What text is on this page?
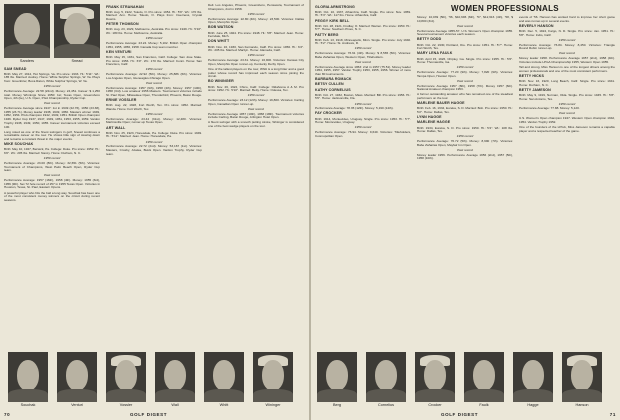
Sanders	Snead

SAM SNEAD

Birth: May 27, 1912, Hot Springs, Va. Pro since: 1933. Ht.: 5'11". Wt.: 185 lbs. Married: Audrey. Home: White Sulphur Springs, W. Va. Plays from: Greenbrier, Boca Raton, White Sulphur Springs, W. Va.

1959 record

Performance Average: 22.58 (22nd). Money: 24,451. Career: $ 1,250 total. Money Winnings Since 1950: 1st; Texas Open, Greensboro Open, 4th (tie), U.S. Open, PGA Championship, Ryder Cup.

Past record

Performance Average since 1947: 1st in 1949 (22.76), 1950 (23.38), 1955 (23.71). Money leader 1938, 1949, 1950. Masters winner 1949, 1952, 1954. PGA champion 1942, 1949, 1951. British Open champion 1946. Ryder Cup 1937, 1947, 1949, 1951, 1953, 1955, 1959. Vardon Trophy 1938, 1949, 1950, 1955. Career tournament victories exceed 100.

Long noted as one of the finest swingers in golf, Snead continues a remarkable career on the tour. He shows little sign of slowing down and remains a constant threat in the major events.

MIKE SOUCHAK

Birth: May 10, 1927, Berwick, Pa. College: Duke. Pro since: 1952. Ht.: 6'0". Wt.: 205 lbs. Married: Nancy. Home: Durham, N. C.

1959 record

Performance Average: 23.00 (8th). Money: 32,651 (5th). Victories: Tournament of Champions, West Palm Beach Open, Ryder Cup team.

Past record

Performance Average: 1957 (16th), 1958 (4th). Money: 1955 (3rd), 1956 (9th). Set 72 hole record of 257 in 1955 Texas Open. Victories in Houston, Texas, St. Paul, Eastern Opens.

A powerful player who hits the ball a long way, Souchak has been one of the most consistent money winners on the circuit during recent seasons.

FRANK STRANAHAN

Birth: Aug. 5, 1922, Toledo, O. Pro since: 1954. Ht.: 5'9". Wt.: 170 lbs. Married: Ann. Home: Toledo, O. Plays from: Inverness, Crystal Downs.

PETER THOMSON

Birth: Aug. 23, 1929, Melbourne, Australia. Pro since: 1949. Ht.: 5'10". Wt.: 180 lbs. Home: Melbourne, Australia.

1959 record

Performance Average: 23.24. Money: 5,102. British Open champion 1954, 1955, 1956, 1958. Canada Cup team member.

KEN VENTURI

Birth: May 15, 1931, San Francisco, Calif. College: San Jose State. Pro since: 1956. Ht.: 6'0". Wt.: 170 lbs. Married: Conni. Home: San Francisco, Calif.

1959 record

Performance Average: 22.92 (5th). Money: 25,886 (6th). Victories: Los Angeles Open, Gleneagles-Chicago Open.

Past record

Performance Average: 1957 (9th), 1958 (4th). Money: 1957 (10th), 1958 (3rd). Low amateur 1956 Masters. Tournament victories include St. Paul Open, Milwaukee Open, Thunderbird, Phoenix, Baton Rouge.

ERNIE VOSSLER

Birth: Aug. 22, 1928, Fort Worth, Tex. Pro since: 1952. Married: Wanda. Home: Fort Worth, Tex.

1959 record

Performance Average: 23.44 (31st). Money: 12,480. Victories: Martinsville Open; runner-up Texas Open.

ART WALL

Birth: Nov. 25, 1923, Honesdale, Pa. College: Duke. Pro since: 1949. Ht.: 5'11". Married: Jean. Home: Honesdale, Pa.

1959 record

Performance Average: 22.72 (2nd). Money: 53,167 (1st). Victories: Masters, Crosby, Azalea, Buick Open. Vardon Trophy. Ryder Cup team.

Dell. Los Angeles, Phoenix, Greensboro, Pensacola, Tournament of Champions, 2nd in 1958.

1959 record

Performance Average: 22.80 (4th). Money: 23,500. Victories: Dallas Open, Memphis Open.

BOB WATSON

Birth: June 25, 1924. Pro since: 1948. Ht.: 5'8". Married: Jean. Home: Ferndale, Mich.

DON WHITT

Birth: Nov. 16, 1930, San Fernando, Calif. Pro since: 1956. Ht.: 6'2". Wt.: 205 lbs. Married: Marilyn. Home: Alameda, Calif.

1959 record

Performance Average: 23.31. Money: 16,900. Victories: Kansas City Open, Memphis Open runner-up, Kentucky Derby Open.

One of the tallest players on the tour, Whitt is a long hitter and a good putter whose record has improved each season since joining the circuit.

BO WININGER

Birth: Nov. 26, 1922, Chico, Calif. College: Oklahoma A & M. Pro since: 1952. Ht.: 5'10". Married: Betty. Home: Odessa, Tex.

1959 record

Performance Average: 23.12 (12th). Money: 19,800. Victories: Carling Open, Canadian Open runner-up.

Past record

Performance Average 1957 (10th), 1958 (18th). Tournament victories include Carling, Baton Rouge, Arlington Hotel Open.

A fluent swinger with a smooth putting stroke, Wininger is considered one of the best wedge players on the tour.

Souchak	Venturi	Vossler	Wall	Whitt	Wininger
70	GOLF DIGEST
WOMEN PROFESSIONALS

GLORIA ARMSTRONG

Birth: Oct. 10, 1937, Alhambra, Calif. Single. Pro since: Nov. 1959. Ht.: 5'3". Wt.: 117 lbs. Home: Alhambra, Calif.

PEGGY KIRK BELL

Birth: Oct. 28, 1921, Findlay, O. Married: Warren. Pro since: 1950. Ht.: 5'7". Home: Southern Pines, N. C.

PATTY BERG

Birth: Feb. 13, 1918, Minneapolis, Minn. Single. Pro since: July 1940. Ht.: 5'2". Home: St. Andrews, Ill.

1959 record

Performance Average: 76.61 (4th). Money: $ 8,565 (5th). Victories: Babe Zaharias Open, Western Open, Titleholders.

Past record

Performance Average since 1953: 2nd in 1957 (75.51). Money leader 1954, 1955, 1957. Vardon Trophy 1953, 1955, 1956. Winner of more than 80 tournaments.

BARBARA ROMACK

BETSY CULLEN

KATHY CORNELIUS

Birth: Oct. 27, 1932, Boston, Mass. Married: Bill. Pro since: 1956. Ht.: 5'6". Home: Jacksonville, Fla.

1959 record

Performance Average: 78.35 (12th). Money: 5,190 (14th).

FAY CROCKER

Birth: 1914, Montevideo, Uruguay. Single. Pro since: 1953. Ht.: 5'7". Home: Montevideo, Uruguay.

1959 record

Performance Average: 76.94. Money: 9,640. Victories: Titleholders, Cosmopolitan Open.

Money: 10,039 (5th), '56, $10,696 (6th), '57, $12,616 (4th), '58, $ 10,800 (3rd).

Past record

Performance Average 1955-57. U.S. Women's Open champion 1955. Several tournament victories each season.

BETTY DODD

Birth: Oct. 22, 1930, Portland, Ore. Pro since: 1951. Ht.: 5'7". Home: Fort Worth, Tex.

MARY LENA FAULK

Birth: April 15, 1926, Chipley, Ga. Single. Pro since: 1955. Ht.: 5'6". Home: Thomasville, Ga.

1959 record

Performance Average: 77.20 (9th). Money: 7,820 (9th). Victories: Tampa Open, Hoosier Open.

Past record

Performance Average 1957 (8th), 1958 (7th). Money 1957 (6th). National Amateur champion 1953.

A former outstanding amateur who has remained one of the steadiest performers on the tour.

MARLENE BAUER HAGGE

Birth: Feb. 16, 1934, Eureka, S. D. Married: Bob. Pro since: 1950. Ht.: 5'2". Home: Dallas, Tex.

LYNN HAGGE

MARLENE HAGGE

Birth: 1934, Eureka, S. D. Pro since: 1950. Ht.: 5'2". Wt.: 108 lbs. Home: Dallas, Tex.

1959 record

Performance Average: 76.72 (5th). Money: 8,990 (7th). Victories: Babe Zaharias Open, Mayfair Inn Open.

Past record

Money leader 1956. Performance Average 1956 (2nd), 1957 (5th), 1958 (10th).

events of '56. Hanson has worked hard to improve her short game and was runner-up in several events.

BEVERLY HANSON

Birth: Dec. 5, 1924, Fargo, N. D. Single. Pro since: Jan. 1951. Ht.: 5'8". Home: Indio, Calif.

1959 record

Performance Average: 76.84. Money: 8,450. Victories: Triangle Round Robin runner-up.

Past record

Money leader 1958. Performance Average 1957 (2nd), 1958 (4th). Victories include LPGA Championship 1955, Western Open 1955.

Tall and strong, Miss Hanson is one of the longest drivers among the women professionals and one of the most consistent performers.

BETTY HICKS

Birth: Nov. 16, 1920, Long Beach, Calif. Single. Pro since: 1941. Home: Durham, N. C.

BETTY JAMESON

Birth: May 9, 1919, Norman, Okla. Single. Pro since: 1945. Ht.: 5'8". Home: San Antonio, Tex.

1959 record

Performance Average: 77.88. Money: 5,120.

Past record

U.S. Women's Open champion 1947. Western Open champion 1942, 1954. Vardon Trophy 1952.

One of the founders of the LPGA, Miss Jameson remains a capable player and a respected teacher of the game.

Berg	Cornelius	Crocker	Faulk	Hagge	Hanson
GOLF DIGEST	71
